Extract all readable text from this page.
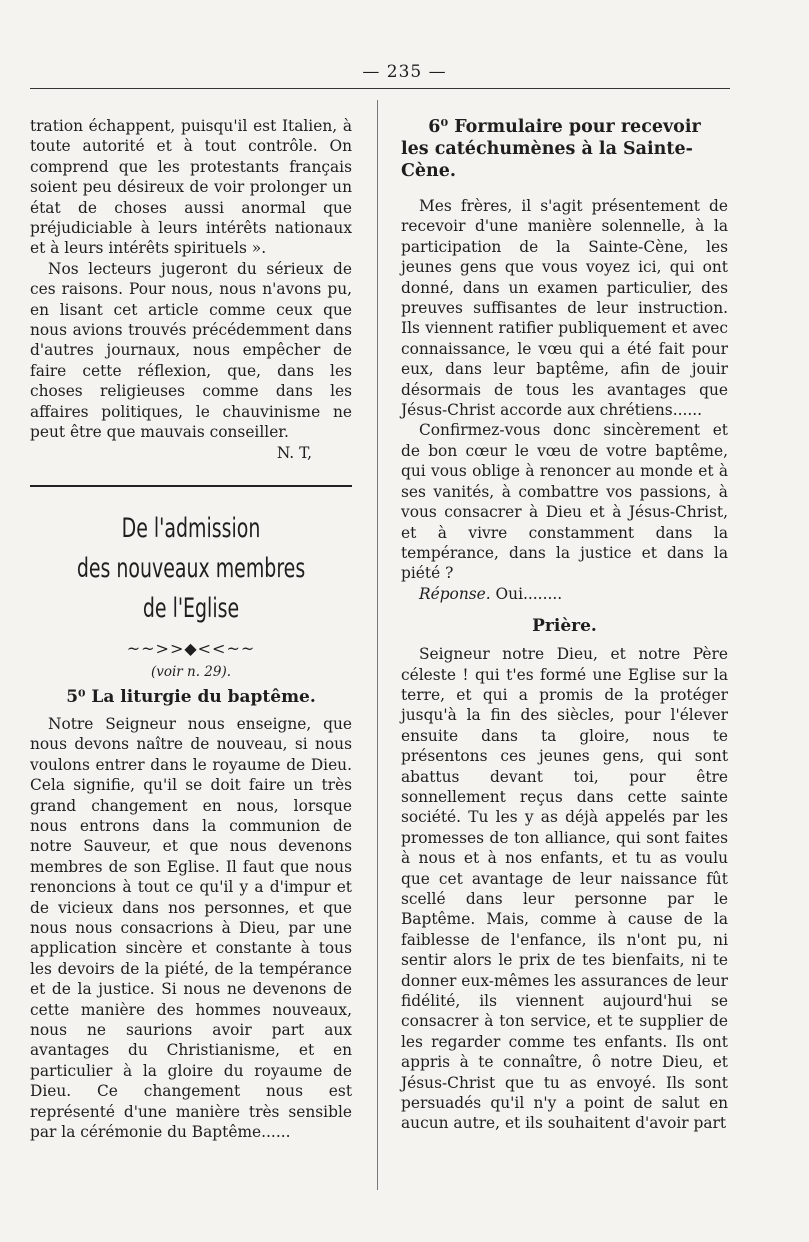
— 235 —

tration échappent, puisqu'il est Italien, à toute autorité et à tout contrôle. On comprend que les protestants français soient peu désireux de voir prolonger un état de choses aussi anormal que préjudiciable à leurs intérêts nationaux et à leurs intérêts spirituels ».

Nos lecteurs jugeront du sérieux de ces raisons. Pour nous, nous n'avons pu, en lisant cet article comme ceux que nous avions trouvés précédemment dans d'autres journaux, nous empêcher de faire cette réflexion, que, dans les choses religieuses comme dans les affaires politiques, le chauvinisme ne peut être que mauvais conseiller.

N. T,
De l'admission
des nouveaux membres de l'Eglise
~~>>◆<<~~
(voir n. 29).
5⁰ La liturgie du baptême.

Notre Seigneur nous enseigne, que nous devons naître de nouveau, si nous voulons entrer dans le royaume de Dieu. Cela signifie, qu'il se doit faire un très grand changement en nous, lorsque nous entrons dans la communion de notre Sauveur, et que nous devenons membres de son Eglise. Il faut que nous renoncions à tout ce qu'il y a d'impur et de vicieux dans nos personnes, et que nous nous consacrions à Dieu, par une application sincère et constante à tous les devoirs de la piété, de la tempérance et de la justice. Si nous ne devenons de cette manière des hommes nouveaux, nous ne saurions avoir part aux avantages du Christianisme, et en particulier à la gloire du royaume de Dieu. Ce changement nous est représenté d'une manière très sensible par la cérémonie du Baptême......

6⁰ Formulaire pour recevoir
les catéchumènes à la Sainte-Cène.

Mes frères, il s'agit présentement de recevoir d'une manière solennelle, à la participation de la Sainte-Cène, les jeunes gens que vous voyez ici, qui ont donné, dans un examen particulier, des preuves suffisantes de leur instruction. Ils viennent ratifier publiquement et avec connaissance, le vœu qui a été fait pour eux, dans leur baptême, afin de jouir désormais de tous les avantages que Jésus-Christ accorde aux chrétiens......

Confirmez-vous donc sincèrement et de bon cœur le vœu de votre baptême, qui vous oblige à renoncer au monde et à ses vanités, à combattre vos passions, à vous consacrer à Dieu et à Jésus-Christ, et à vivre constamment dans la tempérance, dans la justice et dans la piété ?

Réponse. Oui........

Prière.

Seigneur notre Dieu, et notre Père céleste ! qui t'es formé une Eglise sur la terre, et qui a promis de la protéger jusqu'à la fin des siècles, pour l'élever ensuite dans ta gloire, nous te présentons ces jeunes gens, qui sont abattus devant toi, pour être sonnellement reçus dans cette sainte société. Tu les y as déjà appelés par les promesses de ton alliance, qui sont faites à nous et à nos enfants, et tu as voulu que cet avantage de leur naissance fût scellé dans leur personne par le Baptême. Mais, comme à cause de la faiblesse de l'enfance, ils n'ont pu, ni sentir alors le prix de tes bienfaits, ni te donner eux-mêmes les assurances de leur fidélité, ils viennent aujourd'hui se consacrer à ton service, et te supplier de les regarder comme tes enfants. Ils ont appris à te connaître, ô notre Dieu, et Jésus-Christ que tu as envoyé. Ils sont persuadés qu'il n'y a point de salut en aucun autre, et ils souhaitent d'avoir part
